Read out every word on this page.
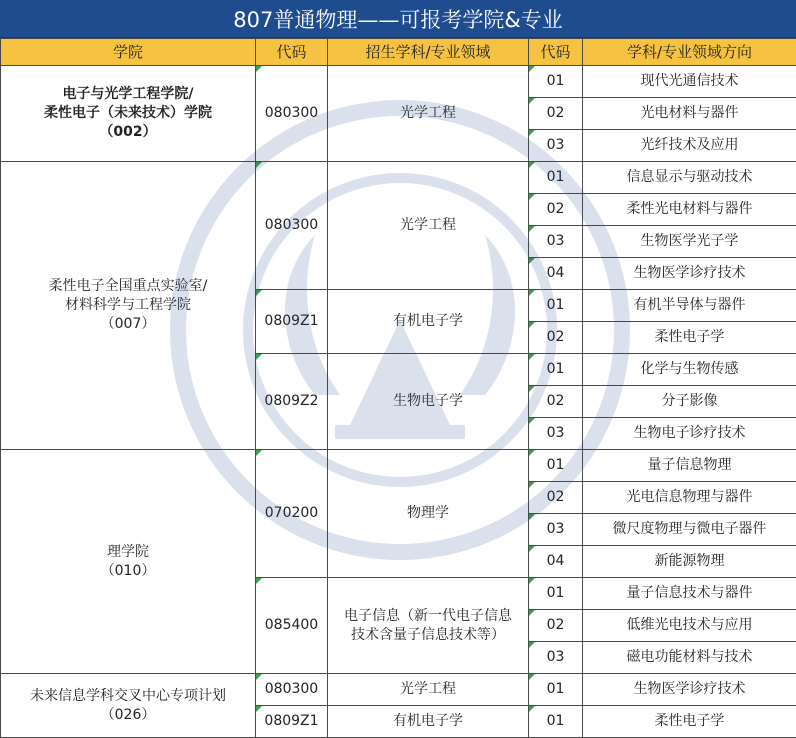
807普通物理——可报考学院&专业
学院	代码	招生学科/专业领域	代码	学科/专业领域方向

电子与光学工程学院/
柔性电子（未来技术）学院
（002）	080300	光学工程	01	现代光通信技术

			02	光电材料与器件

			03	光纤技术及应用

柔性电子全国重点实验室/
材料科学与工程学院
（007）	080300	光学工程	01	信息显示与驱动技术

			02	柔性光电材料与器件

			03	生物医学光子学

			04	生物医学诊疗技术

	0809Z1	有机电子学	01	有机半导体与器件

			02	柔性电子学

	0809Z2	生物电子学	01	化学与生物传感

			02	分子影像

			03	生物电子诊疗技术

理学院
（010）	070200	物理学	01	量子信息物理

			02	光电信息物理与器件

			03	微尺度物理与微电子器件

			04	新能源物理

	085400	电子信息（新一代电子信息
技术含量子信息技术等）	01	量子信息技术与器件

			02	低维光电技术与应用

			03	磁电功能材料与技术

未来信息学科交叉中心专项计划
（026）	080300	光学工程	01	生物医学诊疗技术

	0809Z1	有机电子学	01	柔性电子学
